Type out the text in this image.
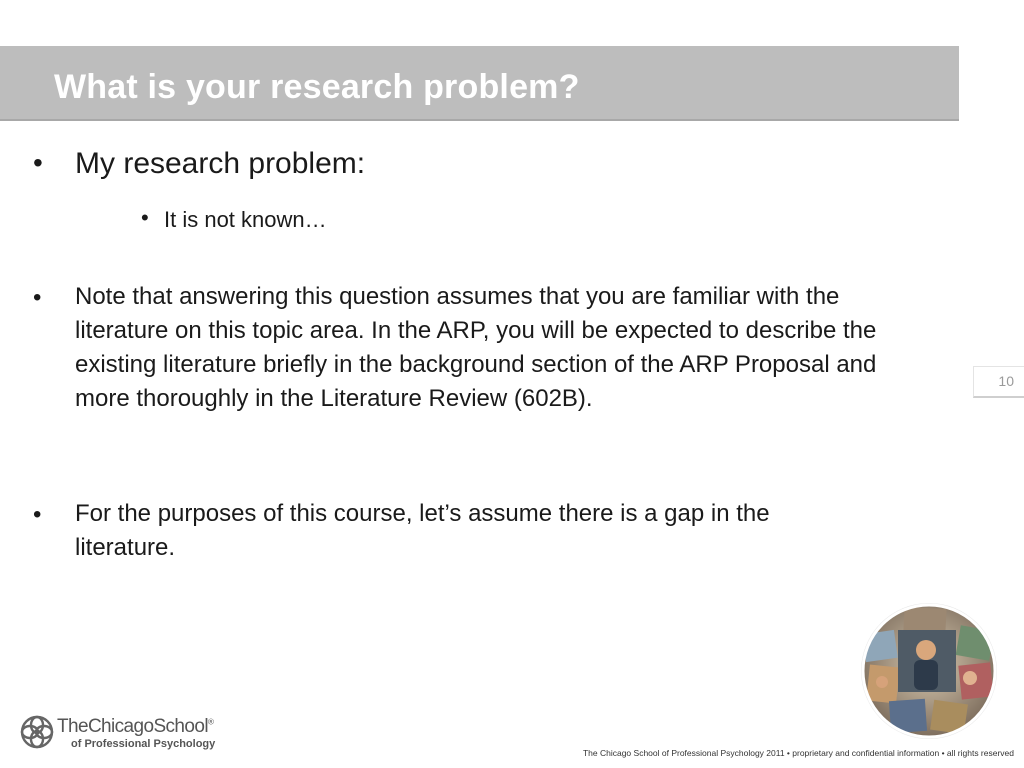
What is your research problem?
• My research problem:
• It is not known…
• Note that answering this question assumes that you are familiar with the literature on this topic area. In the ARP, you will be expected to describe the existing literature briefly in the background section of the ARP Proposal and more thoroughly in the Literature Review (602B).
• For the purposes of this course, let’s assume there is a gap in the literature.
10
TheChicagoSchool®
of Professional Psychology
The Chicago School of Professional Psychology 2011 • proprietary and confidential information • all rights reserved
